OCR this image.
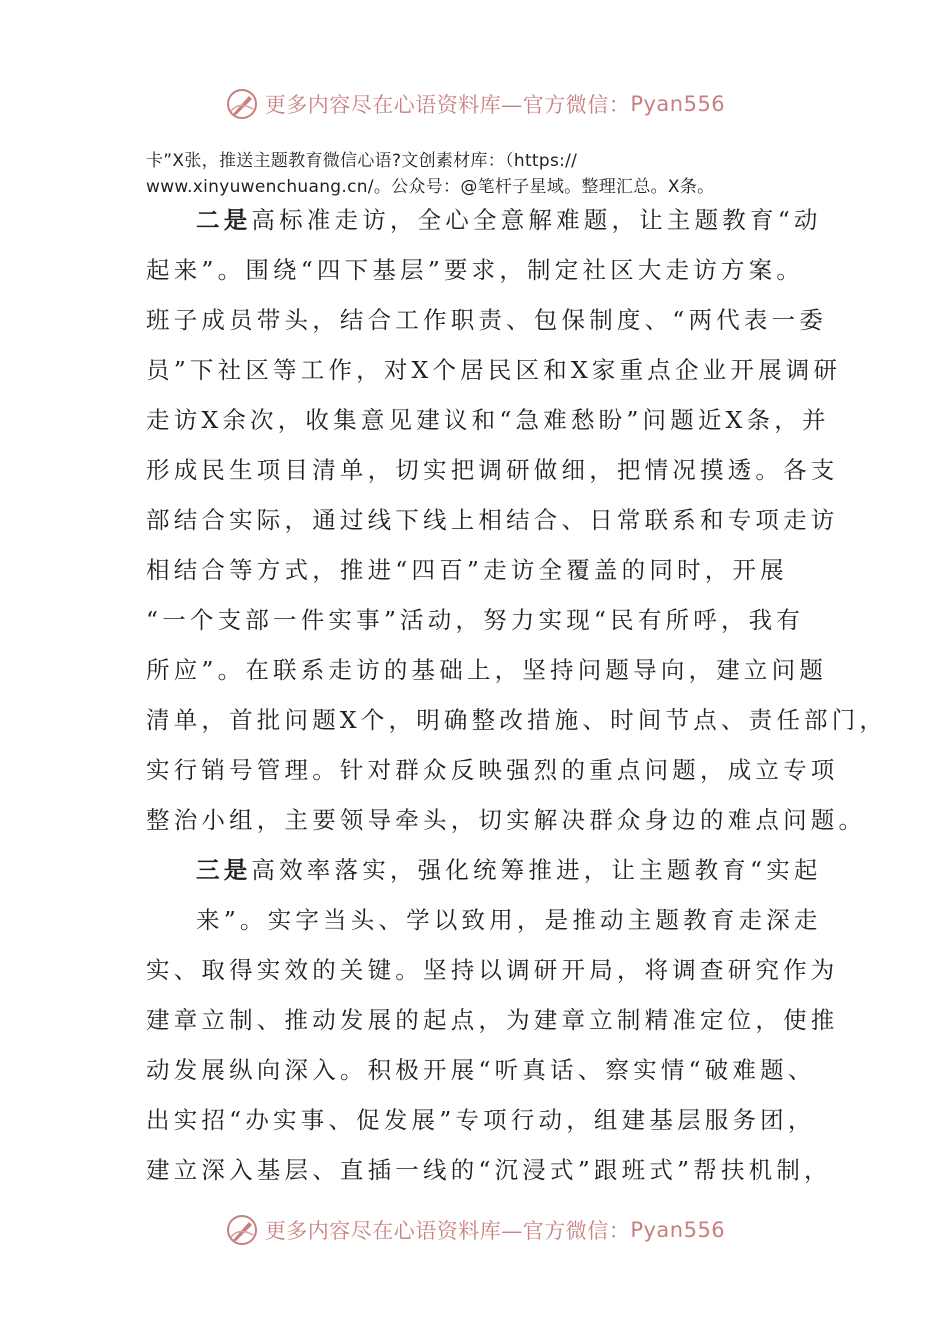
更多内容尽在心语资料库—官方微信： Pyan556
卡”X张，推送主题教育微信心语?文创素材库：（https://
www.xinyuwenchuang.cn/。公众号：@笔杆子星域。整理汇总。X条。
二是高标准走访，全心全意解难题，让主题教育“动
起来”。围绕“四下基层”要求，制定社区大走访方案。
班子成员带头，结合工作职责、包保制度、“两代表一委
员”下社区等工作，对X个居民区和X家重点企业开展调研
走访X余次，收集意见建议和“急难愁盼”问题近X条，并
形成民生项目清单，切实把调研做细，把情况摸透。各支
部结合实际，通过线下线上相结合、日常联系和专项走访
相结合等方式，推进“四百”走访全覆盖的同时，开展
“一个支部一件实事”活动，努力实现“民有所呼，我有
所应”。在联系走访的基础上，坚持问题导向，建立问题
清单，首批问题X个，明确整改措施、时间节点、责任部门，
实行销号管理。针对群众反映强烈的重点问题，成立专项
整治小组，主要领导牵头，切实解决群众身边的难点问题。
三是高效率落实，强化统筹推进，让主题教育“实起
来”。实字当头、学以致用，是推动主题教育走深走
实、取得实效的关键。坚持以调研开局，将调查研究作为
建章立制、推动发展的起点，为建章立制精准定位，使推
动发展纵向深入。积极开展“听真话、察实情“破难题、
出实招“办实事、促发展”专项行动，组建基层服务团，
建立深入基层、直插一线的“沉浸式”跟班式”帮扶机制，
更多内容尽在心语资料库—官方微信： Pyan556
